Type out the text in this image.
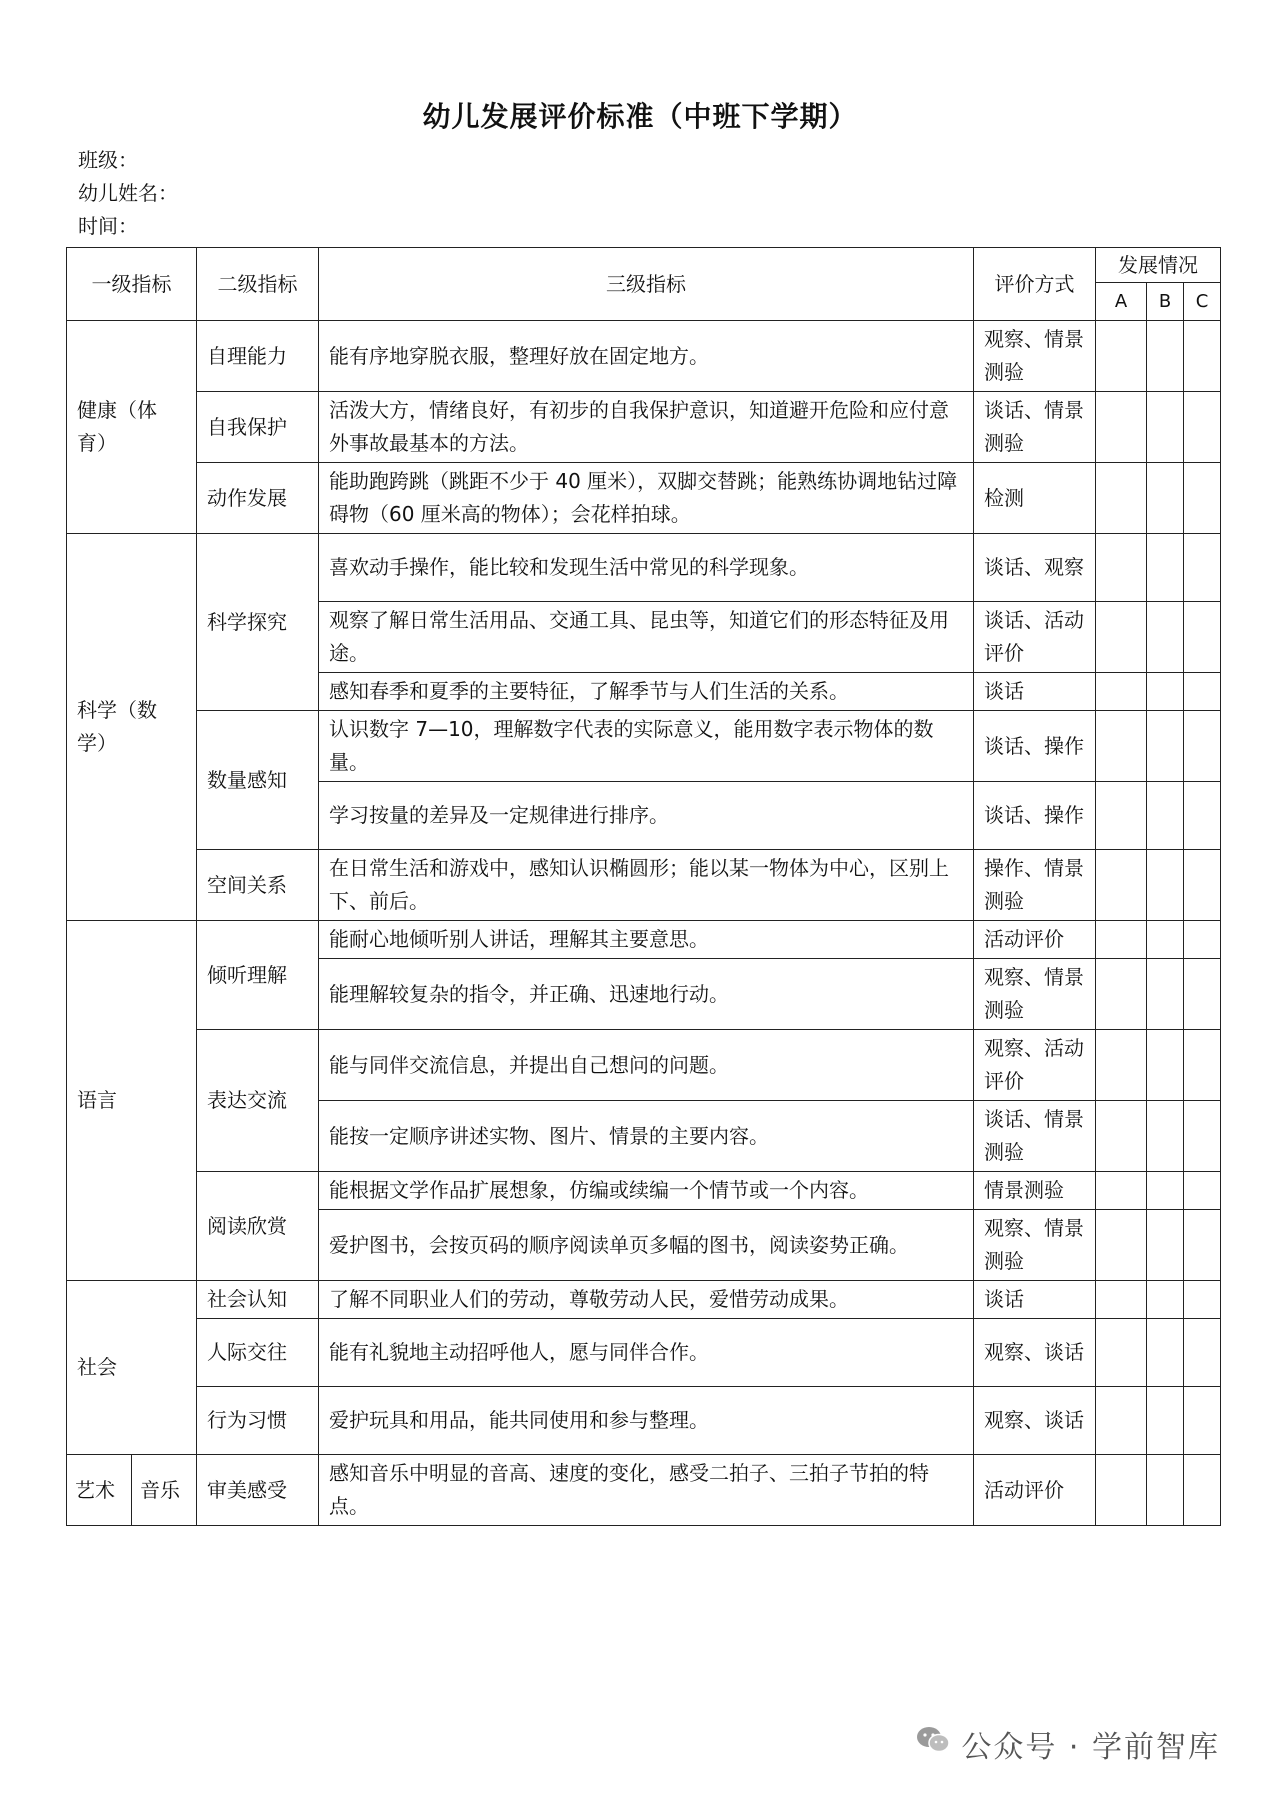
幼儿发展评价标准（中班下学期）
班级：
幼儿姓名：
时间：
一级指标		二级指标	三级指标	评价方式	发展情况		
					A	B	C
健康（体育）		自理能力	能有序地穿脱衣服，整理好放在固定地方。	观察、情景测验			
		自我保护	活泼大方，情绪良好，有初步的自我保护意识，知道避开危险和应付意外事故最基本的方法。	谈话、情景测验			
		动作发展	能助跑跨跳（跳距不少于 40 厘米），双脚交替跳；能熟练协调地钻过障碍物（60 厘米高的物体）；会花样拍球。	检测			
科学（数学）		科学探究	喜欢动手操作，能比较和发现生活中常见的科学现象。	谈话、观察			
			观察了解日常生活用品、交通工具、昆虫等，知道它们的形态特征及用途。	谈话、活动评价			
			感知春季和夏季的主要特征，了解季节与人们生活的关系。	谈话			
		数量感知	认识数字 7—10，理解数字代表的实际意义，能用数字表示物体的数量。	谈话、操作			
			学习按量的差异及一定规律进行排序。	谈话、操作			
		空间关系	在日常生活和游戏中，感知认识椭圆形；能以某一物体为中心，区别上下、前后。	操作、情景测验			
语言		倾听理解	能耐心地倾听别人讲话，理解其主要意思。	活动评价			
			能理解较复杂的指令，并正确、迅速地行动。	观察、情景测验			
		表达交流	能与同伴交流信息，并提出自己想问的问题。	观察、活动评价			
			能按一定顺序讲述实物、图片、情景的主要内容。	谈话、情景测验			
		阅读欣赏	能根据文学作品扩展想象，仿编或续编一个情节或一个内容。	情景测验			
			爱护图书，会按页码的顺序阅读单页多幅的图书，阅读姿势正确。	观察、情景测验			
社会		社会认知	了解不同职业人们的劳动，尊敬劳动人民，爱惜劳动成果。	谈话			
		人际交往	能有礼貌地主动招呼他人，愿与同伴合作。	观察、谈话			
		行为习惯	爱护玩具和用品，能共同使用和参与整理。	观察、谈话			
艺术	音乐	审美感受	感知音乐中明显的音高、速度的变化，感受二拍子、三拍子节拍的特点。	活动评价			
公众号 · 学前智库
